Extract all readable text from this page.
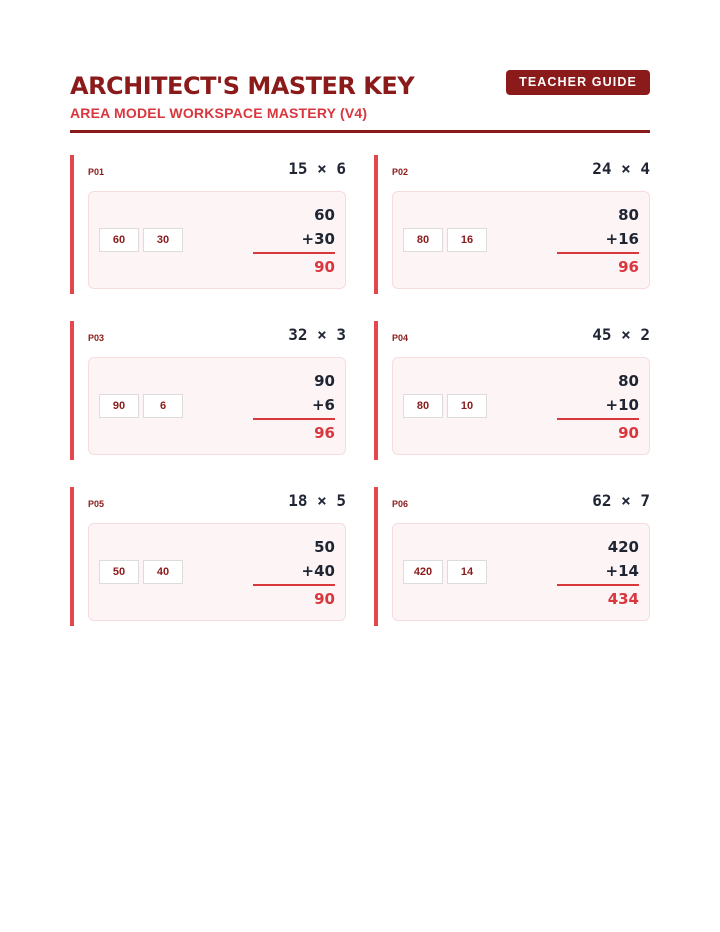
ARCHITECT'S MASTER KEY
AREA MODEL WORKSPACE MASTERY (V4)
TEACHER GUIDE
P01	15 × 6
60	30
60
+30
90
P02	24 × 4
80	16
80
+16
96
P03	32 × 3
90	6
90
+6
96
P04	45 × 2
80	10
80
+10
90
P05	18 × 5
50	40
50
+40
90
P06	62 × 7
420	14
420
+14
434
